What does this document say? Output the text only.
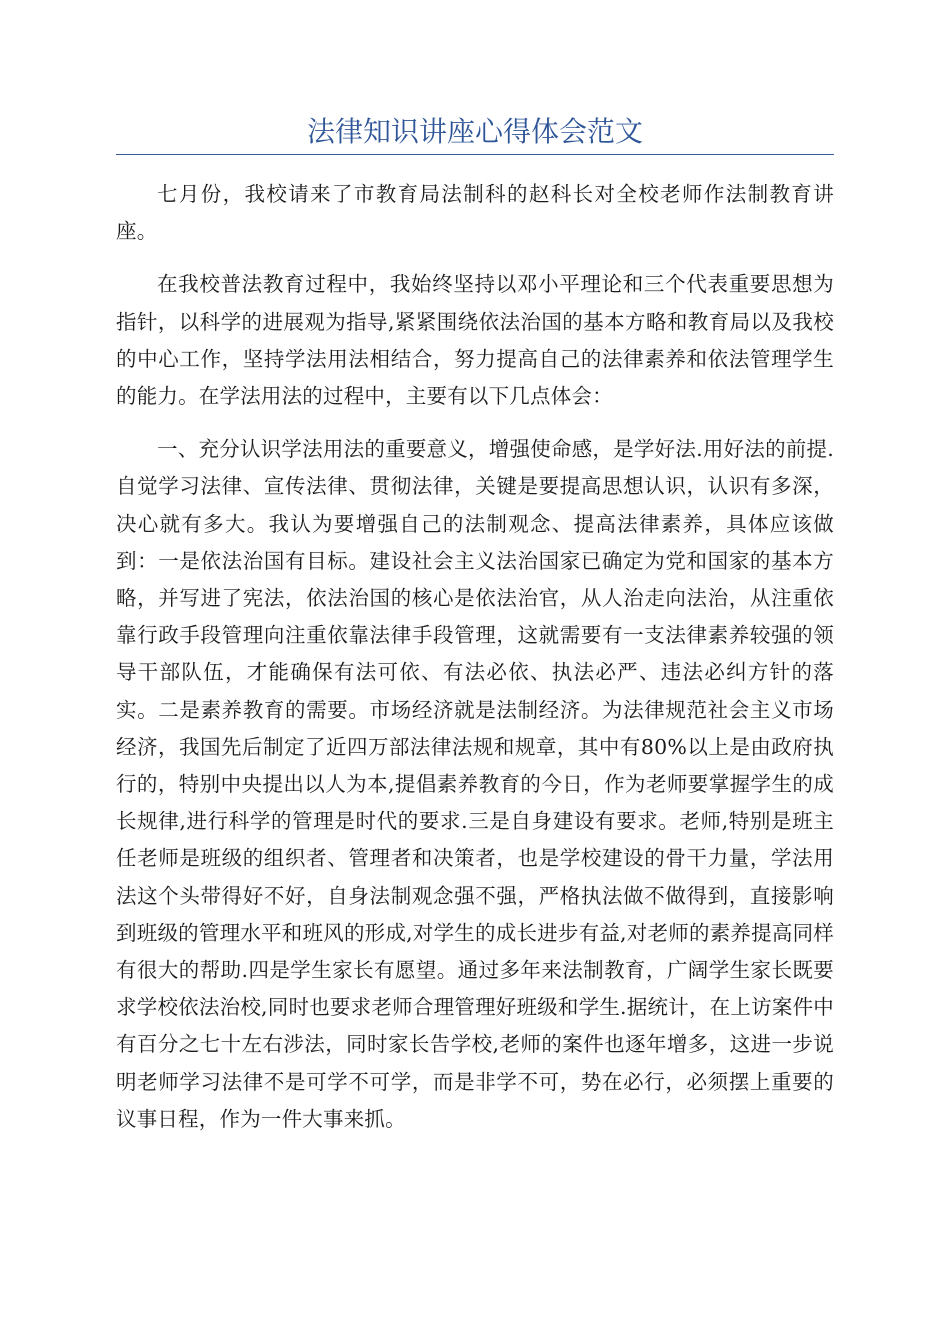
法律知识讲座心得体会范文

七月份，我校请来了市教育局法制科的赵科长对全校老师作法制教育讲座。

在我校普法教育过程中，我始终坚持以邓小平理论和三个代表重要思想为指针，以科学的进展观为指导,紧紧围绕依法治国的基本方略和教育局以及我校的中心工作，坚持学法用法相结合，努力提高自己的法律素养和依法管理学生的能力。在学法用法的过程中，主要有以下几点体会：

一、充分认识学法用法的重要意义，增强使命感，是学好法.用好法的前提.自觉学习法律、宣传法律、贯彻法律，关键是要提高思想认识，认识有多深，决心就有多大。我认为要增强自己的法制观念、提高法律素养，具体应该做到：一是依法治国有目标。建设社会主义法治国家已确定为党和国家的基本方略，并写进了宪法，依法治国的核心是依法治官，从人治走向法治，从注重依靠行政手段管理向注重依靠法律手段管理，这就需要有一支法律素养较强的领导干部队伍，才能确保有法可依、有法必依、执法必严、违法必纠方针的落实。二是素养教育的需要。市场经济就是法制经济。为法律规范社会主义市场经济，我国先后制定了近四万部法律法规和规章，其中有80%以上是由政府执行的，特别中央提出以人为本,提倡素养教育的今日，作为老师要掌握学生的成长规律,进行科学的管理是时代的要求.三是自身建设有要求。老师,特别是班主任老师是班级的组织者、管理者和决策者，也是学校建设的骨干力量，学法用法这个头带得好不好，自身法制观念强不强，严格执法做不做得到，直接影响到班级的管理水平和班风的形成,对学生的成长进步有益,对老师的素养提高同样有很大的帮助.四是学生家长有愿望。通过多年来法制教育，广阔学生家长既要求学校依法治校,同时也要求老师合理管理好班级和学生.据统计，在上访案件中有百分之七十左右涉法，同时家长告学校,老师的案件也逐年增多，这进一步说明老师学习法律不是可学不可学，而是非学不可，势在必行，必须摆上重要的议事日程，作为一件大事来抓。
